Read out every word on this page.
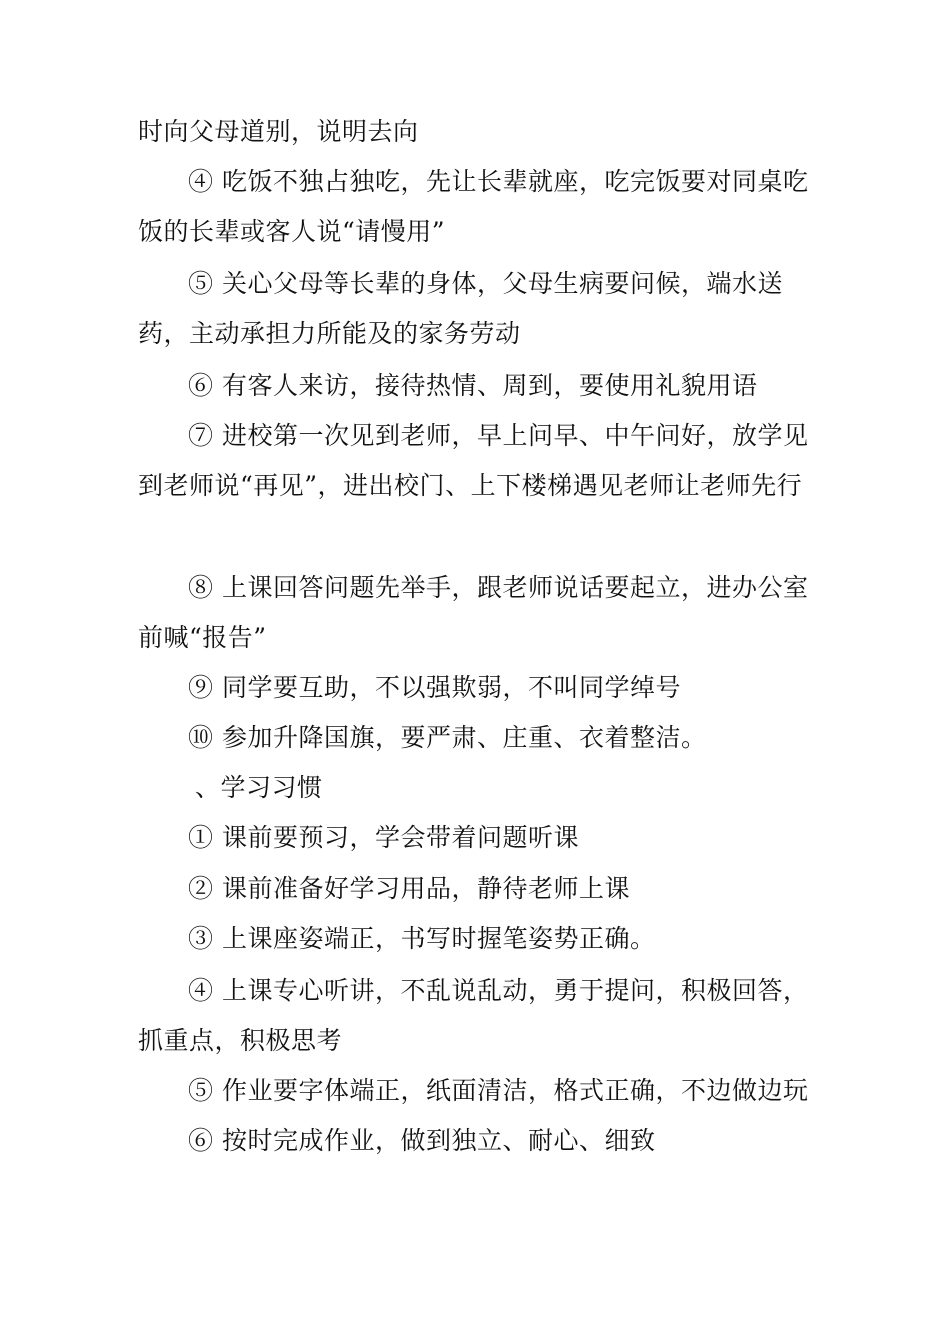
时向父母道别，说明去向

④ 吃饭不独占独吃，先让长辈就座，吃完饭要对同桌吃饭的长辈或客人说“请慢用”

⑤ 关心父母等长辈的身体，父母生病要问候，端水送药，主动承担力所能及的家务劳动

⑥ 有客人来访，接待热情、周到，要使用礼貌用语

⑦ 进校第一次见到老师，早上问早、中午问好，放学见到老师说“再见”，进出校门、上下楼梯遇见老师让老师先行

⑧ 上课回答问题先举手，跟老师说话要起立，进办公室前喊“报告”

⑨ 同学要互助，不以强欺弱，不叫同学绰号

⑩ 参加升降国旗，要严肃、庄重、衣着整洁。

、学习习惯

① 课前要预习，学会带着问题听课

② 课前准备好学习用品，静待老师上课

③ 上课座姿端正，书写时握笔姿势正确。

④ 上课专心听讲，不乱说乱动，勇于提问，积极回答，抓重点，积极思考

⑤ 作业要字体端正，纸面清洁，格式正确，不边做边玩

⑥ 按时完成作业，做到独立、耐心、细致
